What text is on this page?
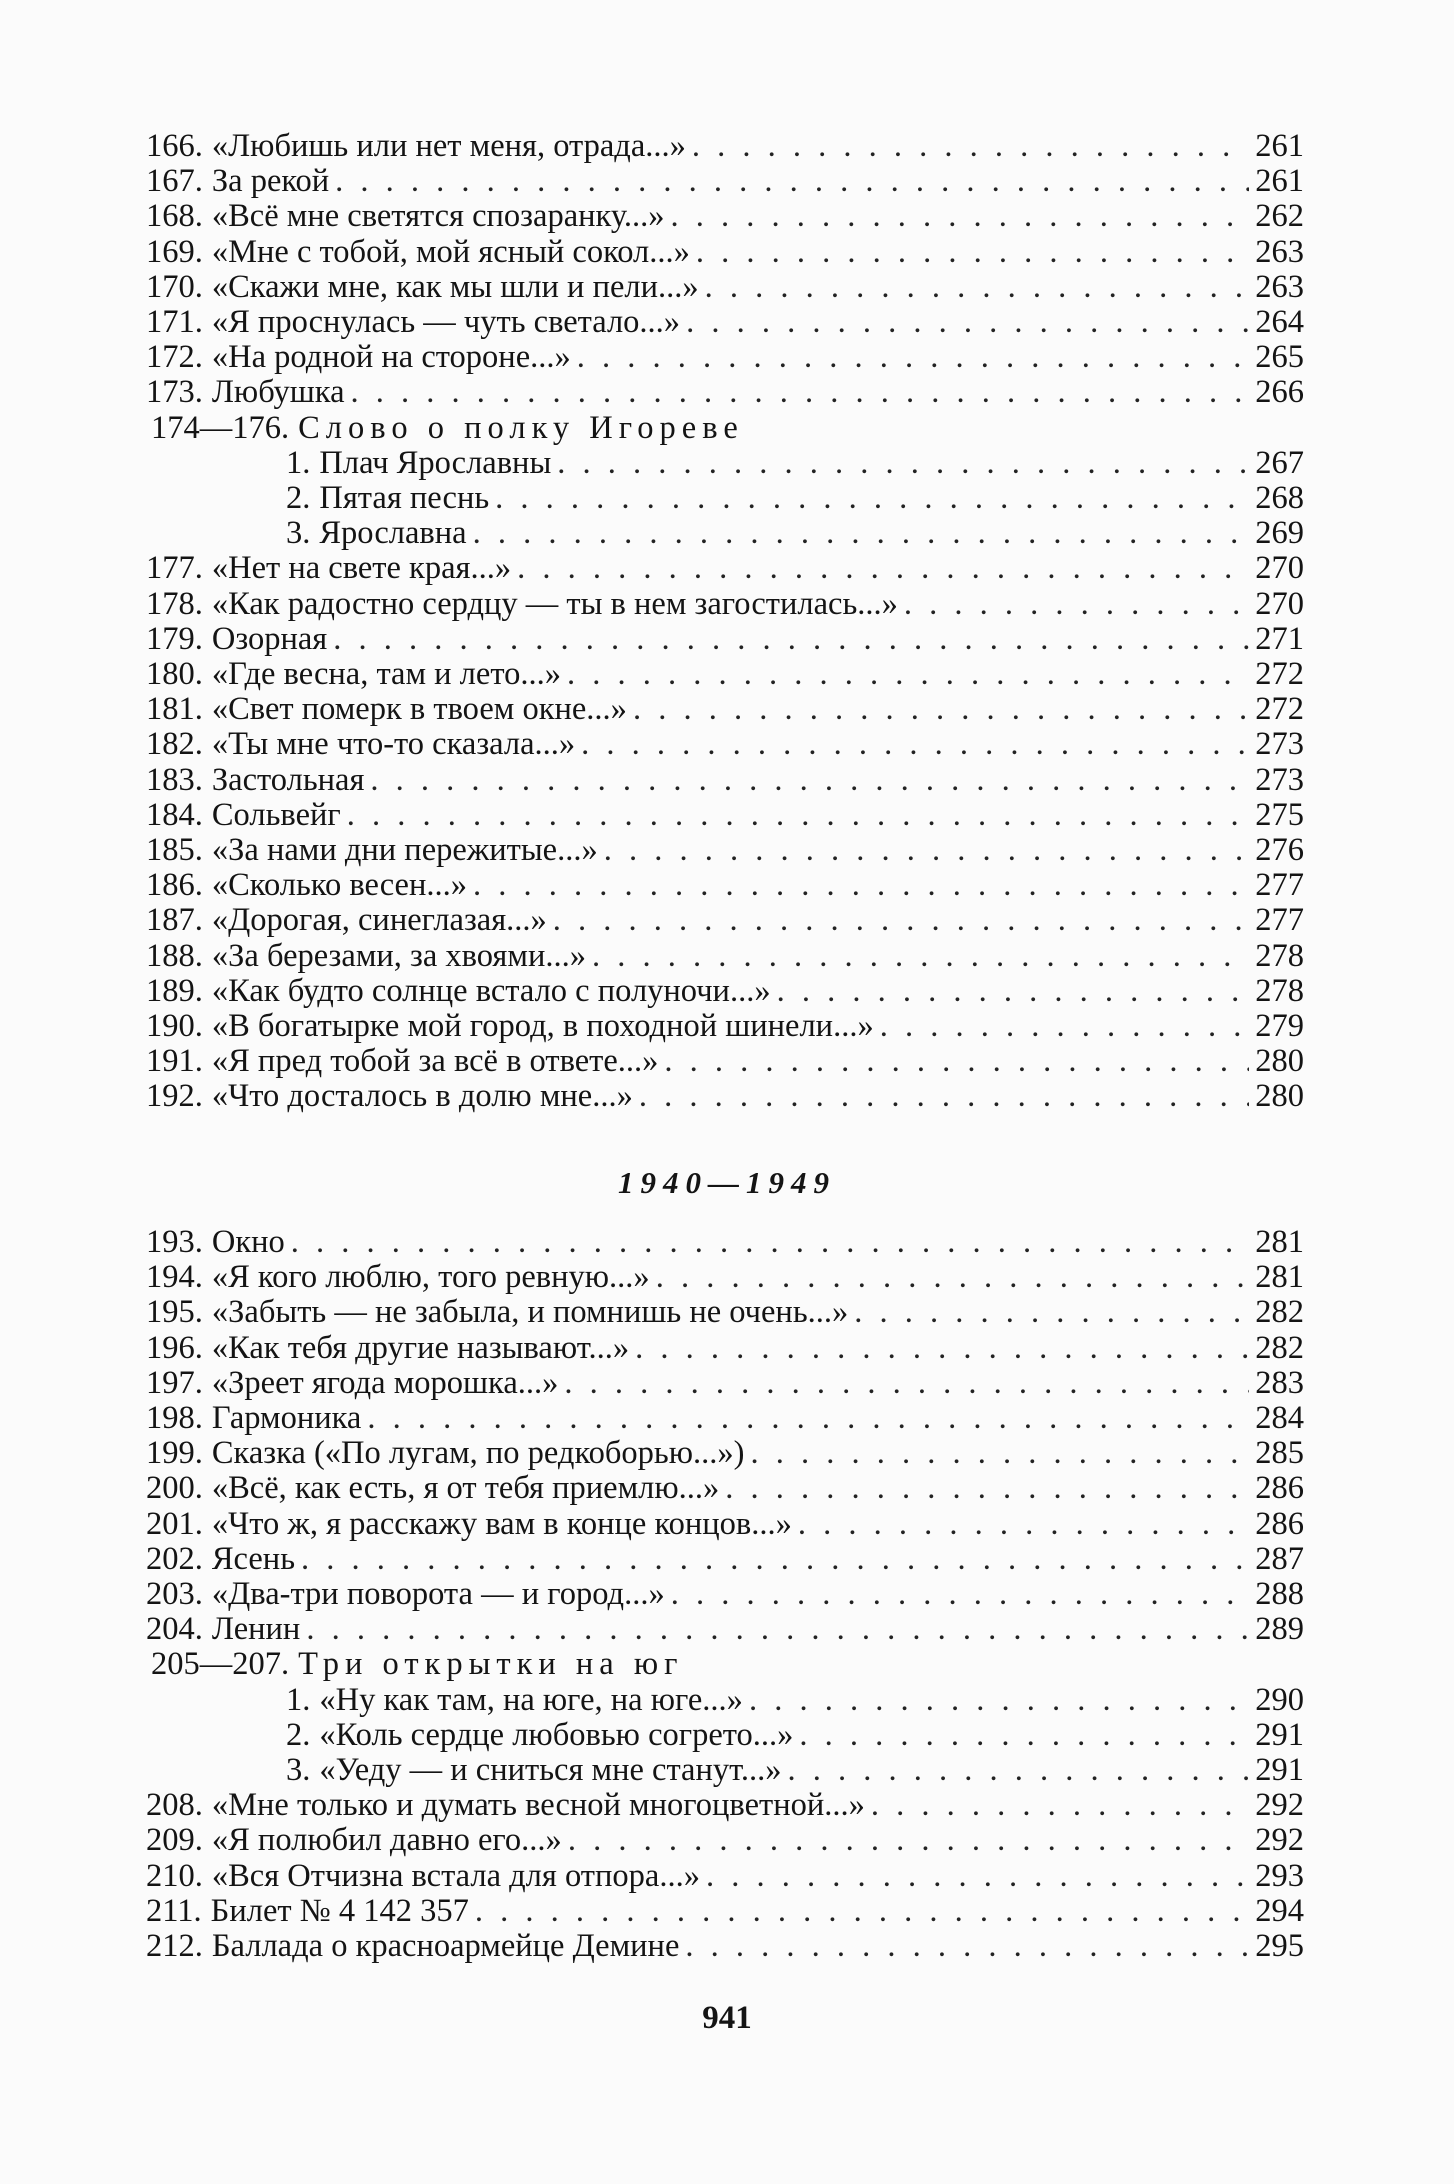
166. «Любишь или нет меня, отрада...» . . .	261
167. За рекой . . .	261
168. «Всё мне светятся спозаранку...» . . .	262
169. «Мне с тобой, мой ясный сокол...» . . .	263
170. «Скажи мне, как мы шли и пели...» . . .	263
171. «Я проснулась — чуть светало...» . . .	264
172. «На родной на стороне...» . . .	265
173. Любушка . . .	266
174—176. Слово о полку Игореве
1. Плач Ярославны . . .	267
2. Пятая песнь . . .	268
3. Ярославна . . .	269
177. «Нет на свете края...» . . .	270
178. «Как радостно сердцу — ты в нем загостилась...» . . .	270
179. Озорная . . .	271
180. «Где весна, там и лето...» . . .	272
181. «Свет померк в твоем окне...» . . .	272
182. «Ты мне что-то сказала...» . . .	273
183. Застольная . . .	273
184. Сольвейг . . .	275
185. «За нами дни пережитые...» . . .	276
186. «Сколько весен...» . . .	277
187. «Дорогая, синеглазая...» . . .	277
188. «За березами, за хвоями...» . . .	278
189. «Как будто солнце встало с полуночи...» . . .	278
190. «В богатырке мой город, в походной шинели...» . . .	279
191. «Я пред тобой за всё в ответе...» . . .	280
192. «Что досталось в долю мне...» . . .	280
193. Окно . . .	281
194. «Я кого люблю, того ревную...» . . .	281
195. «Забыть — не забыла, и помнишь не очень...» . . .	282
196. «Как тебя другие называют...» . . .	282
197. «Зреет ягода морошка...» . . .	283
198. Гармоника . . .	284
199. Сказка («По лугам, по редкоборью...») . . .	285
200. «Всё, как есть, я от тебя приемлю...» . . .	286
201. «Что ж, я расскажу вам в конце концов...» . . .	286
202. Ясень . . .	287
203. «Два-три поворота — и город...» . . .	288
204. Ленин . . .	289
205—207. Три открытки на юг
1. «Ну как там, на юге, на юге...» . . .	290
2. «Коль сердце любовью согрето...» . . .	291
3. «Уеду — и сниться мне станут...» . . .	291
208. «Мне только и думать весной многоцветной...» . . .	292
209. «Я полюбил давно его...» . . .	292
210. «Вся Отчизна встала для отпора...» . . .	293
211. Билет № 4 142 357 . . .	294
212. Баллада о красноармейце Демине . . .	295
1940—1949
941
